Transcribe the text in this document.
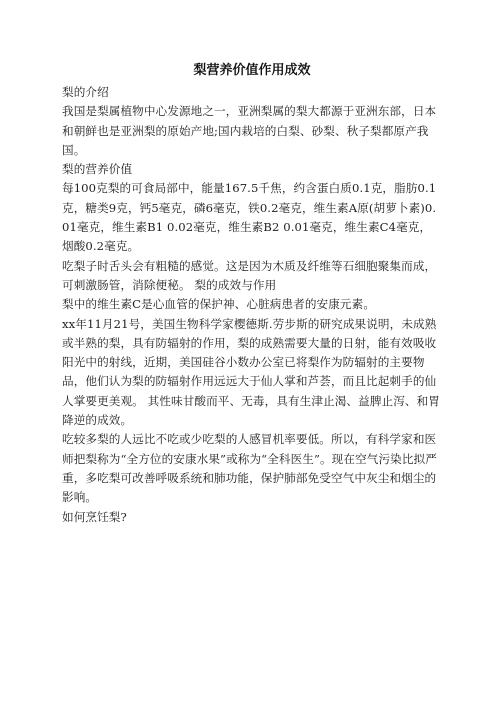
梨营养价值作用成效

梨的介绍

我国是梨属植物中心发源地之一，亚洲梨属的梨大都源于亚洲东部，日本和朝鲜也是亚洲梨的原始产地;国内栽培的白梨、砂梨、秋子梨都原产我国。

梨的营养价值

每100克梨的可食局部中，能量167.5千焦，约含蛋白质0.1克，脂肪0.1克，糖类9克，钙5毫克，磷6毫克，铁0.2毫克，维生素A原(胡萝卜素)0.01毫克，维生素B1 0.02毫克，维生素B2 0.01毫克，维生素C4毫克，烟酸0.2毫克。

吃梨子时舌头会有粗糙的感觉。这是因为木质及纤维等石细胞聚集而成，可刺激肠管，消除便秘。 梨的成效与作用

梨中的维生素C是心血管的保护神、心脏病患者的安康元素。

xx年11月21号，美国生物科学家樱德斯.劳步斯的研究成果说明，未成熟或半熟的梨，具有防辐射的作用，梨的成熟需要大量的日射，能有效吸收阳光中的射线，近期，美国硅谷小数办公室已将梨作为防辐射的主要物品，他们认为梨的防辐射作用远远大于仙人掌和芦荟，而且比起刺手的仙人掌要更美观。 其性味甘酸而平、无毒，具有生津止渴、益脾止泻、和胃降逆的成效。

吃较多梨的人远比不吃或少吃梨的人感冒机率要低。所以，有科学家和医师把梨称为“全方位的安康水果”或称为“全科医生”。现在空气污染比拟严重，多吃梨可改善呼吸系统和肺功能，保护肺部免受空气中灰尘和烟尘的影响。

如何烹饪梨?
